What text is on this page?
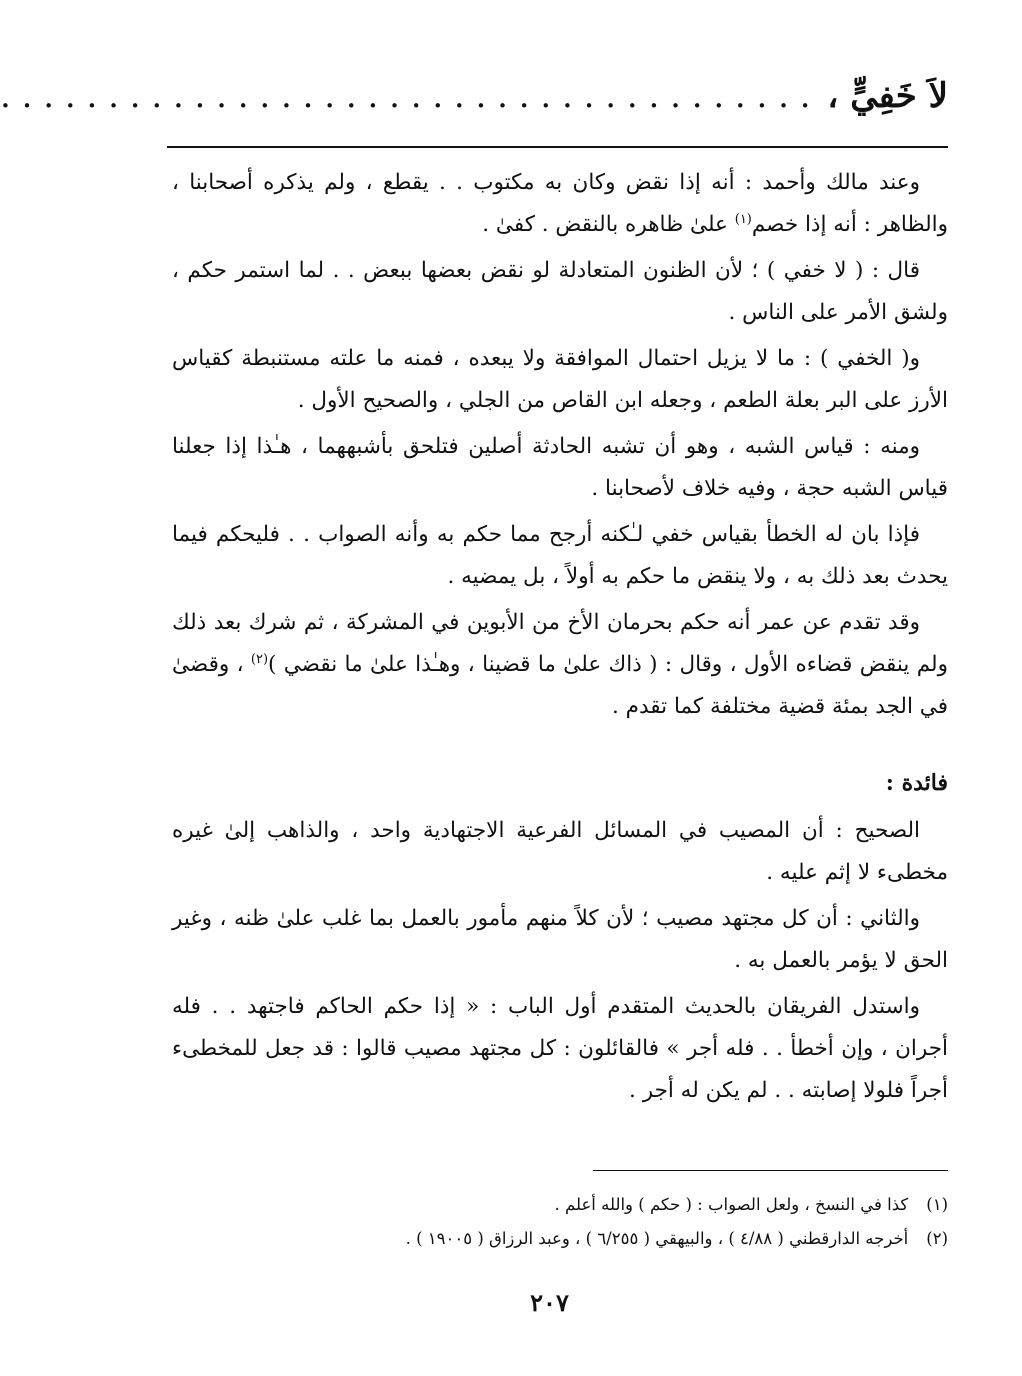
لاَ خَفِيٍّ ، . . . . . . . . . . . . . . . . . . . . . . . . . . . . . . . . . . . . . .

وعند مالك وأحمد : أنه إذا نقض وكان به مكتوب . . يقطع ، ولم يذكره أصحابنا ، والظاهر : أنه إذا خصم$^{(١)}$ علىٰ ظاهره بالنقض . كفىٰ .

قال : ( لا خفي ) ؛ لأن الظنون المتعادلة لو نقض بعضها ببعض . . لما استمر حكم ، ولشق الأمر على الناس .

و( الخفي ) : ما لا يزيل احتمال الموافقة ولا يبعده ، فمنه ما علته مستنبطة كقياس الأرز على البر بعلة الطعم ، وجعله ابن القاص من الجلي ، والصحيح الأول .

ومنه : قياس الشبه ، وهو أن تشبه الحادثة أصلين فتلحق بأشبههما ، هـٰذا إذا جعلنا قياس الشبه حجة ، وفيه خلاف لأصحابنا .

فإذا بان له الخطأ بقياس خفي لـٰكنه أرجح مما حكم به وأنه الصواب . . فليحكم فيما يحدث بعد ذلك به ، ولا ينقض ما حكم به أولاً ، بل يمضيه .

وقد تقدم عن عمر أنه حكم بحرمان الأخ من الأبوين في المشركة ، ثم شرك بعد ذلك ولم ينقض قضاءه الأول ، وقال : ( ذاك علىٰ ما قضينا ، وهـٰذا علىٰ ما نقضي )$^{(٢)}$ ، وقضىٰ في الجد بمئة قضية مختلفة كما تقدم .

فائدة :

الصحيح : أن المصيب في المسائل الفرعية الاجتهادية واحد ، والذاهب إلىٰ غيره مخطىء لا إثم عليه .

والثاني : أن كل مجتهد مصيب ؛ لأن كلاً منهم مأمور بالعمل بما غلب علىٰ ظنه ، وغير الحق لا يؤمر بالعمل به .

واستدل الفريقان بالحديث المتقدم أول الباب : « إذا حكم الحاكم فاجتهد . . فله أجران ، وإن أخطأ . . فله أجر » فالقائلون : كل مجتهد مصيب قالوا : قد جعل للمخطىء أجراً فلولا إصابته . . لم يكن له أجر .

(١)كذا في النسخ ، ولعل الصواب : ( حكم ) والله أعلم .
(٢)أخرجه الدارقطني ( ٤/٨٨ ) ، والبيهقي ( ٦/٢٥٥ ) ، وعبد الرزاق ( ١٩٠٠٥ ) .
٢٠٧
